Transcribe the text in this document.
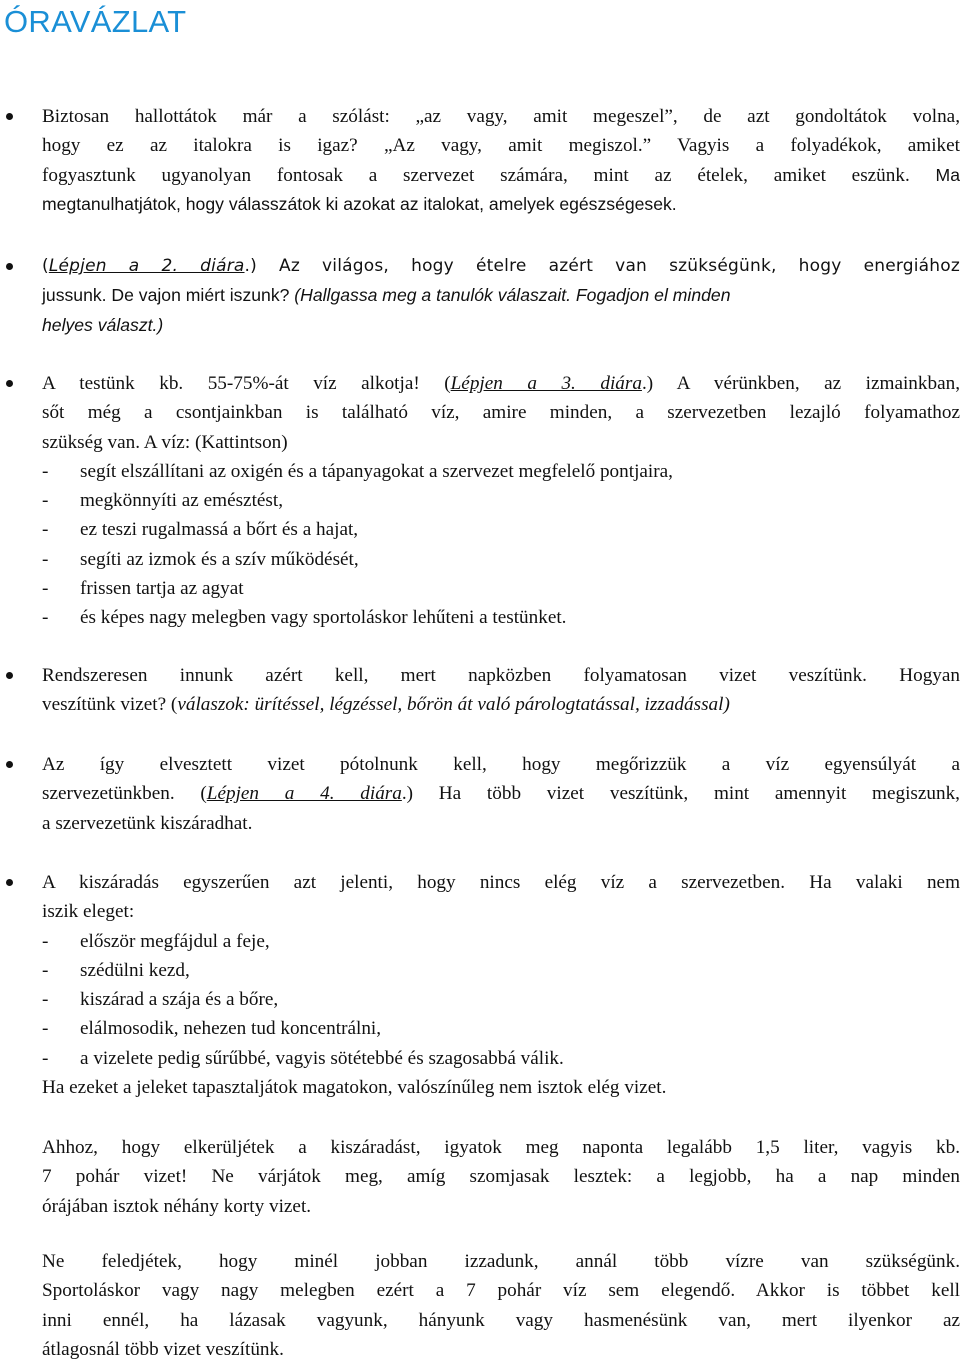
ÓRAVÁZLAT
Biztosan hallottátok már a szólást: „az vagy, amit megeszel”, de azt gondoltátok volna,
hogy ez az italokra is igaz? „Az vagy, amit megiszol.” Vagyis a folyadékok, amiket
fogyasztunk ugyanolyan fontosak a szervezet számára, mint az ételek, amiket eszünk. Ma
megtanulhatjátok, hogy válasszátok ki azokat az italokat, amelyek egészségesek.
(Lépjen a 2. diára.) Az világos, hogy ételre azért van szükségünk, hogy energiához
jussunk. De vajon miért iszunk? (Hallgassa meg a tanulók válaszait. Fogadjon el minden
helyes választ.)
A testünk kb. 55-75%-át víz alkotja! (Lépjen a 3. diára.) A vérünkben, az izmainkban,
sőt még a csontjainkban is található víz, amire minden, a szervezetben lezajló folyamathoz
szükség van. A víz: (Kattintson)
- segít elszállítani az oxigén és a tápanyagokat a szervezet megfelelő pontjaira,
- megkönnyíti az emésztést,
- ez teszi rugalmassá a bőrt és a hajat,
- segíti az izmok és a szív működését,
- frissen tartja az agyat
- és képes nagy melegben vagy sportoláskor lehűteni a testünket.
Rendszeresen innunk azért kell, mert napközben folyamatosan vizet veszítünk. Hogyan
veszítünk vizet? (válaszok: ürítéssel, légzéssel, bőrön át való párologtatással, izzadással)
Az így elvesztett vizet pótolnunk kell, hogy megőrizzük a víz egyensúlyát a
szervezetünkben. (Lépjen a 4. diára.) Ha több vizet veszítünk, mint amennyit megiszunk,
a szervezetünk kiszáradhat.
A kiszáradás egyszerűen azt jelenti, hogy nincs elég víz a szervezetben. Ha valaki nem
iszik eleget:
- először megfájdul a feje,
- szédülni kezd,
- kiszárad a szája és a bőre,
- elálmosodik, nehezen tud koncentrálni,
- a vizelete pedig sűrűbbé, vagyis sötétebbé és szagosabbá válik.
Ha ezeket a jeleket tapasztaljátok magatokon, valószínűleg nem isztok elég vizet.
Ahhoz, hogy elkerüljétek a kiszáradást, igyatok meg naponta legalább 1,5 liter, vagyis kb.
7 pohár vizet! Ne várjátok meg, amíg szomjasak lesztek: a legjobb, ha a nap minden
órájában isztok néhány korty vizet.
Ne feledjétek, hogy minél jobban izzadunk, annál több vízre van szükségünk.
Sportoláskor vagy nagy melegben ezért a 7 pohár víz sem elegendő. Akkor is többet kell
inni ennél, ha lázasak vagyunk, hányunk vagy hasmenésünk van, mert ilyenkor az
átlagosnál több vizet veszítünk.
